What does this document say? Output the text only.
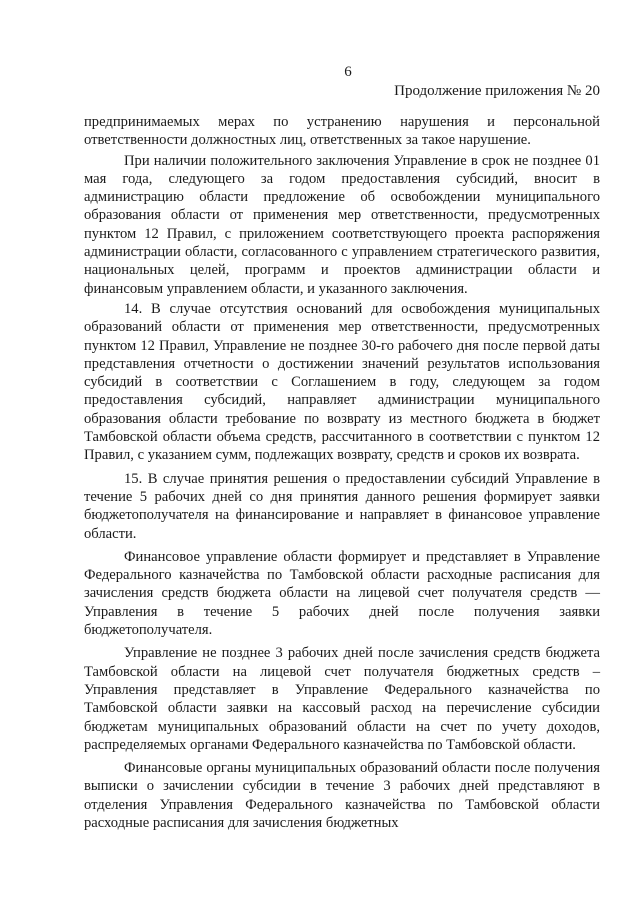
6
Продолжение приложения № 20

предпринимаемых мерах по устранению нарушения и персональной ответственности должностных лиц, ответственных за такое нарушение.

При наличии положительного заключения Управление в срок не позднее 01 мая года, следующего за годом предоставления субсидий, вносит в администрацию области предложение об освобождении муниципального образования области от применения мер ответственности, предусмотренных пунктом 12 Правил, с приложением соответствующего проекта распоряжения администрации области, согласованного с управлением стратегического развития, национальных целей, программ и проектов администрации области и финансовым управлением области, и указанного заключения.

14. В случае отсутствия оснований для освобождения муниципальных образований области от применения мер ответственности, предусмотренных пунктом 12 Правил, Управление не позднее 30-го рабочего дня после первой даты представления отчетности о достижении значений результатов использования субсидий в соответствии с Соглашением в году, следующем за годом предоставления субсидий, направляет администрации муниципального образования области требование по возврату из местного бюджета в бюджет Тамбовской области объема средств, рассчитанного в соответствии с пунктом 12 Правил, с указанием сумм, подлежащих возврату, средств и сроков их возврата.

15. В случае принятия решения о предоставлении субсидий Управление в течение 5 рабочих дней со дня принятия данного решения формирует заявки бюджетополучателя на финансирование и направляет в финансовое управление области.

Финансовое управление области формирует и представляет в Управление Федерального казначейства по Тамбовской области расходные расписания для зачисления средств бюджета области на лицевой счет получателя средств — Управления в течение 5 рабочих дней после получения заявки бюджетополучателя.

Управление не позднее 3 рабочих дней после зачисления средств бюджета Тамбовской области на лицевой счет получателя бюджетных средств – Управления представляет в Управление Федерального казначейства по Тамбовской области заявки на кассовый расход на перечисление субсидии бюджетам муниципальных образований области на счет по учету доходов, распределяемых органами Федерального казначейства по Тамбовской области.

Финансовые органы муниципальных образований области после получения выписки о зачислении субсидии в течение 3 рабочих дней представляют в отделения Управления Федерального казначейства по Тамбовской области расходные расписания для зачисления бюджетных
